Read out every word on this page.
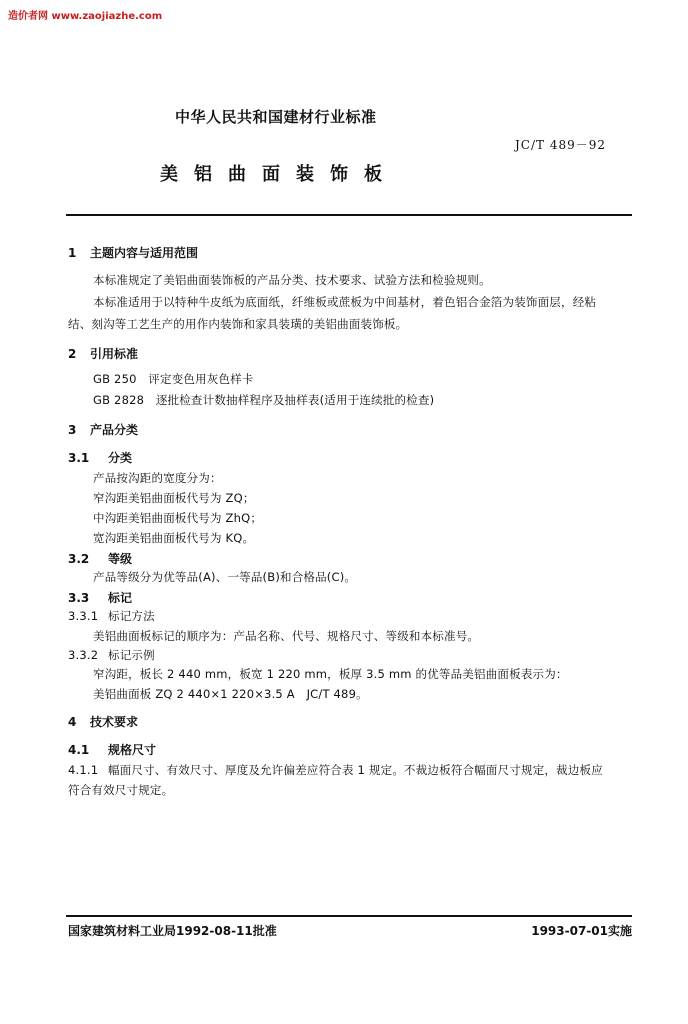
造价者网 www.zaojiazhe.com
中华人民共和国建材行业标准
JC/T 489－92
美铝曲面装饰板
1 主题内容与适用范围
本标准规定了美铝曲面装饰板的产品分类、技术要求、试验方法和检验规则。
本标准适用于以特种牛皮纸为底面纸，纤维板或蔗板为中间基材，着色铝合金箔为装饰面层，经粘
结、刻沟等工艺生产的用作内装饰和家具装璜的美铝曲面装饰板。
2 引用标准
GB 250　评定变色用灰色样卡
GB 2828　逐批检查计数抽样程序及抽样表(适用于连续批的检查)
3 产品分类
3.1 分类
产品按沟距的宽度分为：
窄沟距美铝曲面板代号为 ZQ；
中沟距美铝曲面板代号为 ZhQ；
宽沟距美铝曲面板代号为 KQ。
3.2 等级
产品等级分为优等品(A)、一等品(B)和合格品(C)。
3.3 标记
3.3.1 标记方法
美铝曲面板标记的顺序为：产品名称、代号、规格尺寸、等级和本标准号。
3.3.2 标记示例
窄沟距，板长 2 440 mm，板宽 1 220 mm，板厚 3.5 mm 的优等品美铝曲面板表示为：
美铝曲面板 ZQ 2 440×1 220×3.5 A　JC/T 489。
4 技术要求
4.1 规格尺寸
4.1.1 幅面尺寸、有效尺寸、厚度及允许偏差应符合表 1 规定。不裁边板符合幅面尺寸规定，裁边板应
符合有效尺寸规定。
国家建筑材料工业局1992-08-11批准	1993-07-01实施
